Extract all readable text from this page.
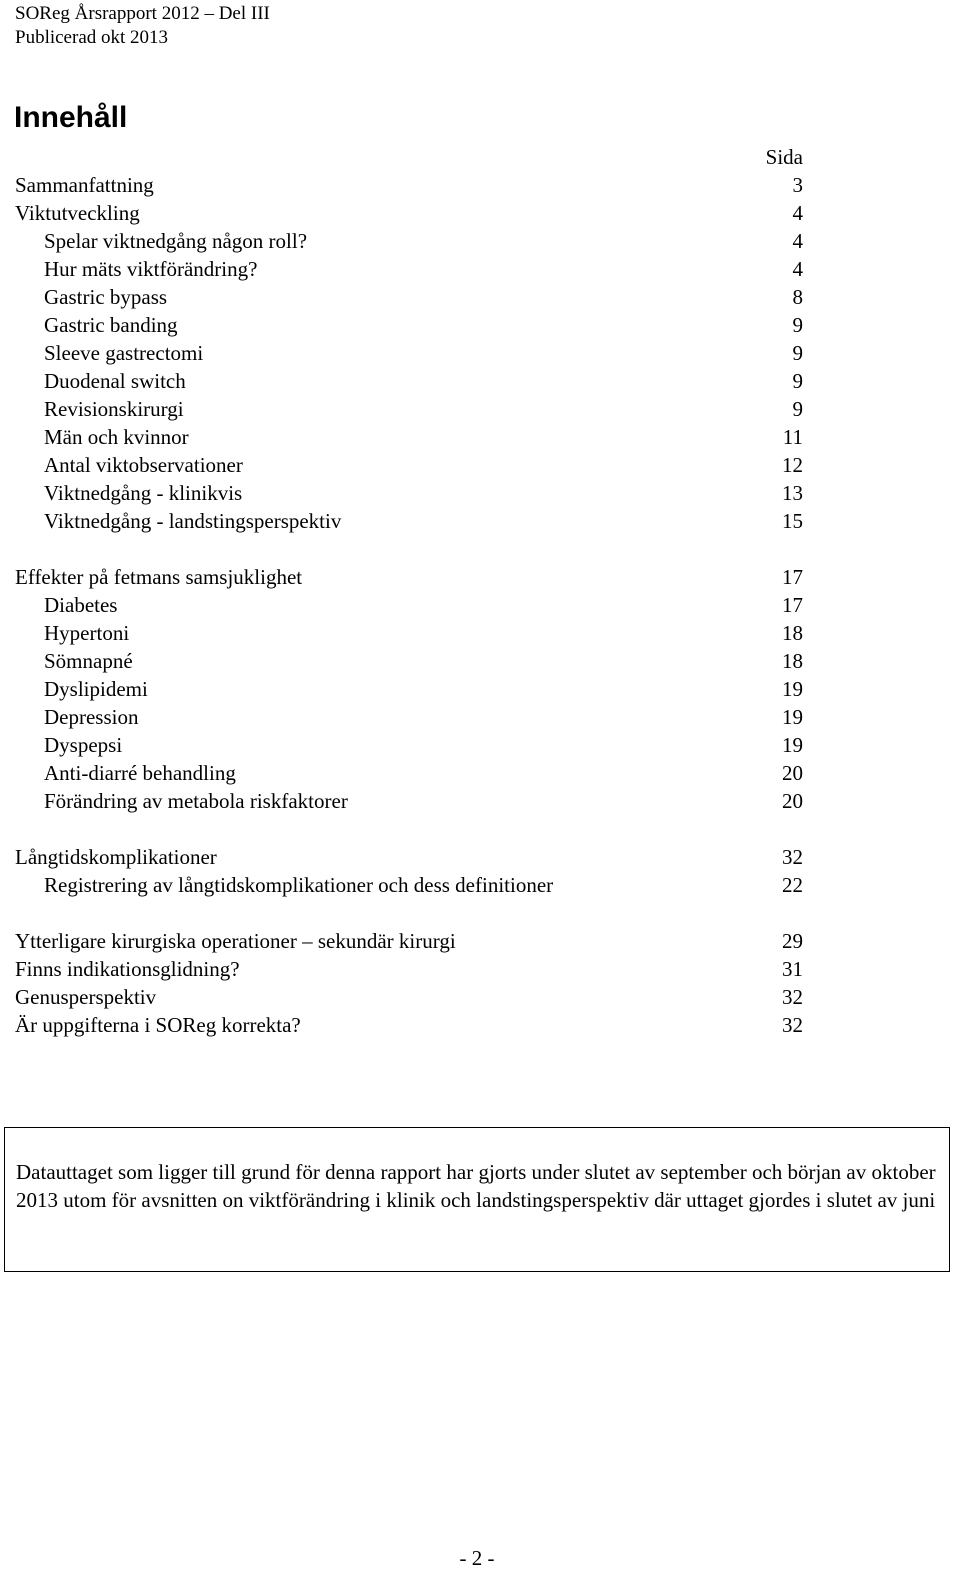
SOReg Årsrapport 2012 – Del III
Publicerad okt 2013
Innehåll
Sida
Sammanfattning	3
Viktutveckling	4
Spelar viktnedgång någon roll?	4
Hur mäts viktförändring?	4
Gastric bypass	8
Gastric banding	9
Sleeve gastrectomi	9
Duodenal switch	9
Revisionskirurgi	9
Män och kvinnor	11
Antal viktobservationer	12
Viktnedgång - klinikvis	13
Viktnedgång - landstingsperspektiv	15
Effekter på fetmans samsjuklighet	17
Diabetes	17
Hypertoni	18
Sömnapné	18
Dyslipidemi	19
Depression	19
Dyspepsi	19
Anti-diarré behandling	20
Förändring av metabola riskfaktorer	20
Långtidskomplikationer	32
Registrering av långtidskomplikationer och dess definitioner	22
Ytterligare kirurgiska operationer – sekundär kirurgi	29
Finns indikationsglidning?	31
Genusperspektiv	32
Är uppgifterna i SOReg korrekta?	32
Datauttaget som ligger till grund för denna rapport har gjorts under slutet av september och början av oktober 2013 utom för avsnitten on viktförändring i klinik och landstingsperspektiv där uttaget gjordes i slutet av juni
- 2 -
